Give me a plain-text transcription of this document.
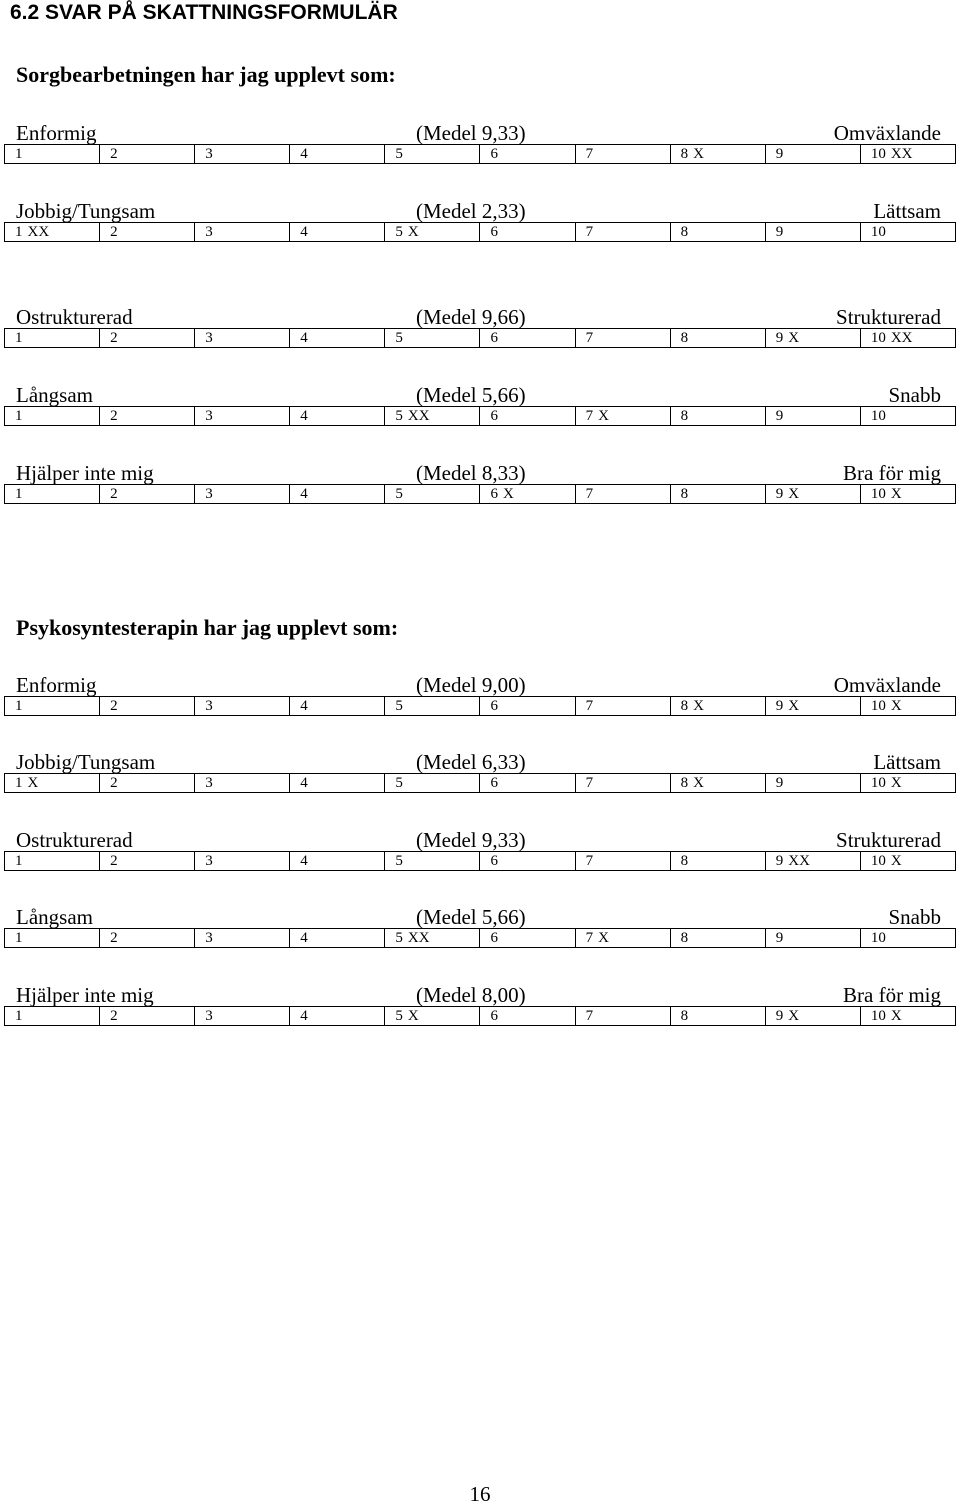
6.2 SVAR PÅ SKATTNINGSFORMULÄR
Sorgbearbetningen har jag upplevt som:
Enformig	(Medel 9,33)	Omväxlande
1	2	3	4	5	6	7	8 X	9	10 XX
Jobbig/Tungsam	(Medel 2,33)	Lättsam
1 XX	2	3	4	5 X	6	7	8	9	10
Ostrukturerad	(Medel 9,66)	Strukturerad
1	2	3	4	5	6	7	8	9 X	10 XX
Långsam	(Medel 5,66)	Snabb
1	2	3	4	5 XX	6	7 X	8	9	10
Hjälper inte mig	(Medel 8,33)	Bra för mig
1	2	3	4	5	6 X	7	8	9 X	10 X
Psykosyntesterapin har jag upplevt som:
Enformig	(Medel 9,00)	Omväxlande
1	2	3	4	5	6	7	8 X	9 X	10 X
Jobbig/Tungsam	(Medel 6,33)	Lättsam
1 X	2	3	4	5	6	7	8 X	9	10 X
Ostrukturerad	(Medel 9,33)	Strukturerad
1	2	3	4	5	6	7	8	9 XX	10 X
Långsam	(Medel 5,66)	Snabb
1	2	3	4	5 XX	6	7 X	8	9	10
Hjälper inte mig	(Medel 8,00)	Bra för mig
1	2	3	4	5 X	6	7	8	9 X	10 X
16
